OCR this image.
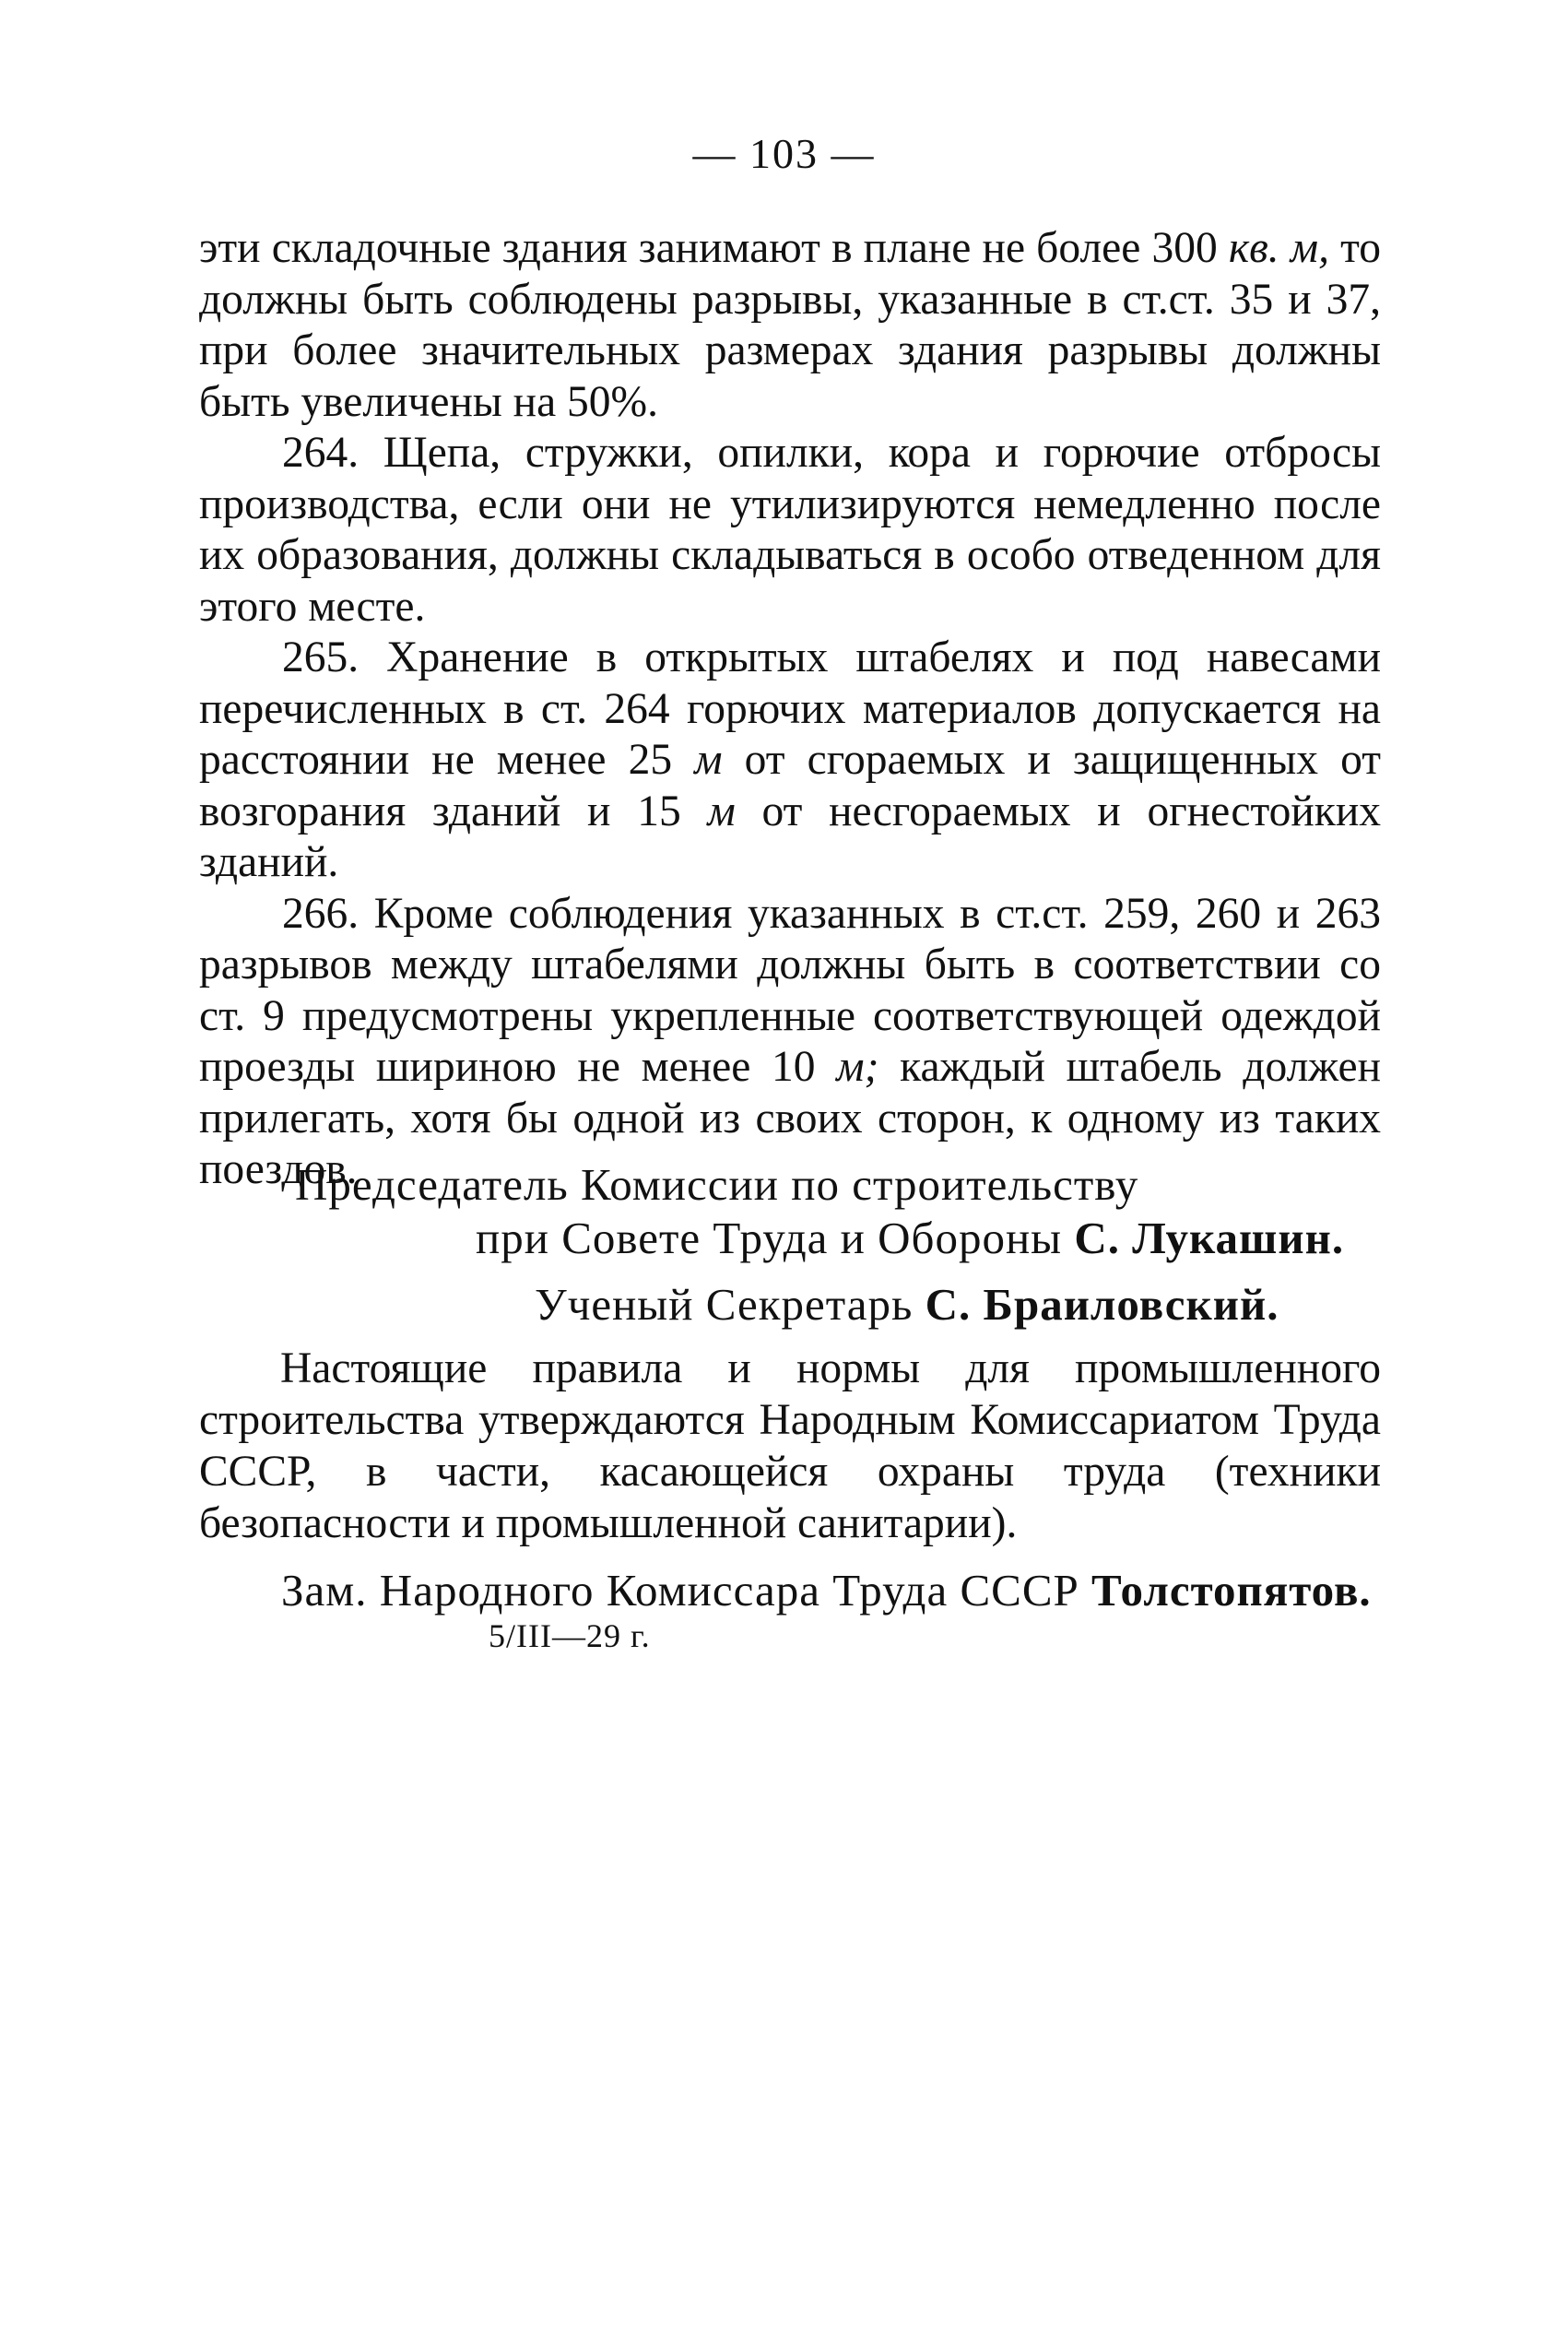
— 103 —

эти складочные здания занимают в плане не более 300 кв. м, то должны быть соблюдены разрывы, указанные в ст.ст. 35 и 37, при более значительных размерах здания разрывы должны быть увеличены на 50%.

264. Щепа, стружки, опилки, кора и горючие отбросы производства, если они не утилизируются немедленно после их образования, должны складываться в особо отведенном для этого месте.

265. Хранение в открытых штабелях и под навесами перечисленных в ст. 264 горючих материалов допускается на расстоянии не менее 25 м от сгораемых и защищенных от возгорания зданий и 15 м от несгораемых и огнестойких зданий.

266. Кроме соблюдения указанных в ст.ст. 259, 260 и 263 разрывов между штабелями должны быть в соответствии со ст. 9 предусмотрены укрепленные соответствующей одеждой проезды шириною не менее 10 м; каждый штабель должен прилегать, хотя бы одной из своих сторон, к одному из таких поездов.

Председатель Комиссии по строительству
при Совете Труда и Обороны С. Лукашин.
Ученый Секретарь С. Браиловский.

Настоящие правила и нормы для промышленного строительства утверждаются Народным Комиссариатом Труда СССР, в части, касающейся охраны труда (техники безопасности и промышленной санитарии).

Зам. Народного Комиссара Труда СССР Толстопятов.
5/III—29 г.
